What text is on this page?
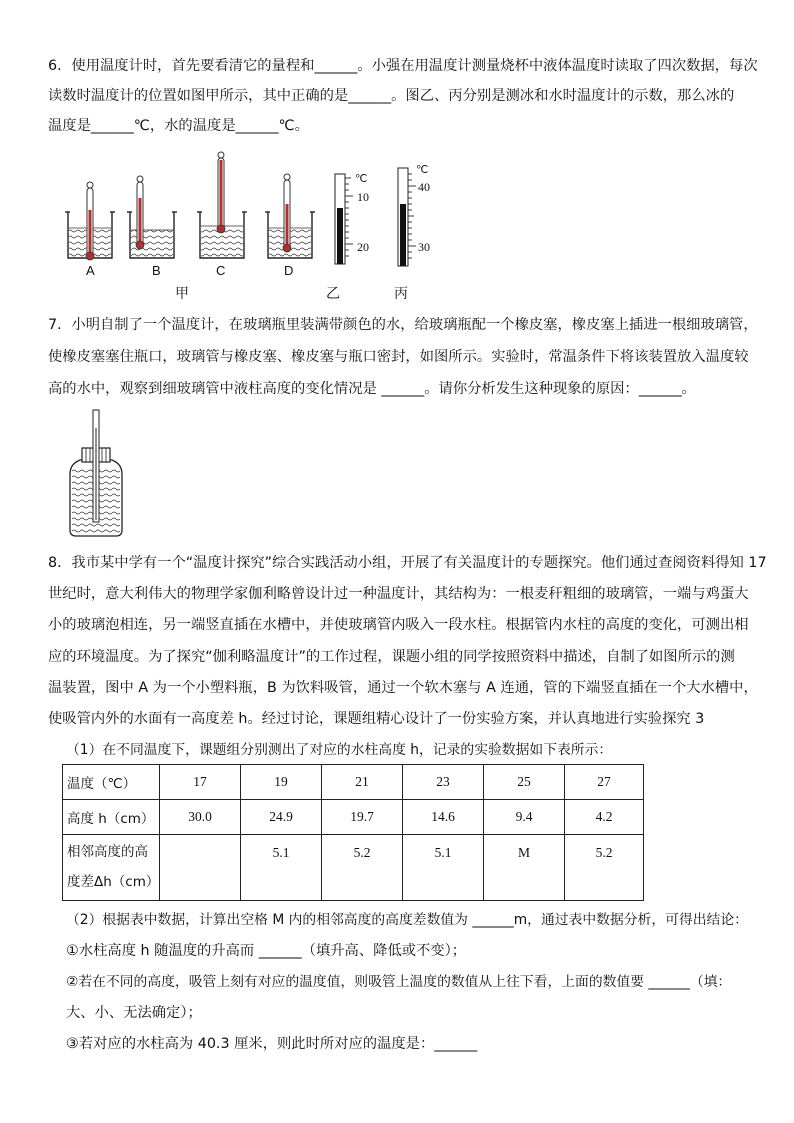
6．使用温度计时，首先要看清它的量程和______。小强在用温度计测量烧杯中液体温度时读取了四次数据，每次
读数时温度计的位置如图甲所示，其中正确的是______。图乙、丙分别是测冰和水时温度计的示数，那么冰的
温度是______℃，水的温度是______℃。
A	B	C	D
甲
℃
10
20
乙
℃
40
30
丙
7．小明自制了一个温度计，在玻璃瓶里装满带颜色的水，给玻璃瓶配一个橡皮塞，橡皮塞上插进一根细玻璃管，
使橡皮塞塞住瓶口，玻璃管与橡皮塞、橡皮塞与瓶口密封，如图所示。实验时，常温条件下将该装置放入温度较
高的水中，观察到细玻璃管中液柱高度的变化情况是 ______。请你分析发生这种现象的原因：______。
8．我市某中学有一个“温度计探究”综合实践活动小组，开展了有关温度计的专题探究。他们通过查阅资料得知 17
世纪时，意大利伟大的物理学家伽利略曾设计过一种温度计，其结构为：一根麦秆粗细的玻璃管，一端与鸡蛋大
小的玻璃泡相连，另一端竖直插在水槽中，并使玻璃管内吸入一段水柱。根据管内水柱的高度的变化，可测出相
应的环境温度。为了探究“伽利略温度计”的工作过程，课题小组的同学按照资料中描述，自制了如图所示的测
温装置，图中 A 为一个小塑料瓶，B 为饮料吸管，通过一个软木塞与 A 连通，管的下端竖直插在一个大水槽中，
使吸管内外的水面有一高度差 h。经过讨论，课题组精心设计了一份实验方案，并认真地进行实验探究 3
（1）在不同温度下，课题组分别测出了对应的水柱高度 h，记录的实验数据如下表所示：
温度（℃）	17	19	21	23	25	27
高度 h（cm）	30.0	24.9	19.7	14.6	9.4	4.2

相邻高度的高
度差Δh（cm）		5.1	5.2	5.1	M	5.2
（2）根据表中数据，计算出空格 M 内的相邻高度的高度差数值为 ______m，通过表中数据分析，可得出结论：
①水柱高度 h 随温度的升高而 ______（填升高、降低或不变）；
②若在不同的高度，吸管上刻有对应的温度值，则吸管上温度的数值从上往下看，上面的数值要 ______（填：
大、小、无法确定）；
③若对应的水柱高为 40.3 厘米，则此时所对应的温度是：______
